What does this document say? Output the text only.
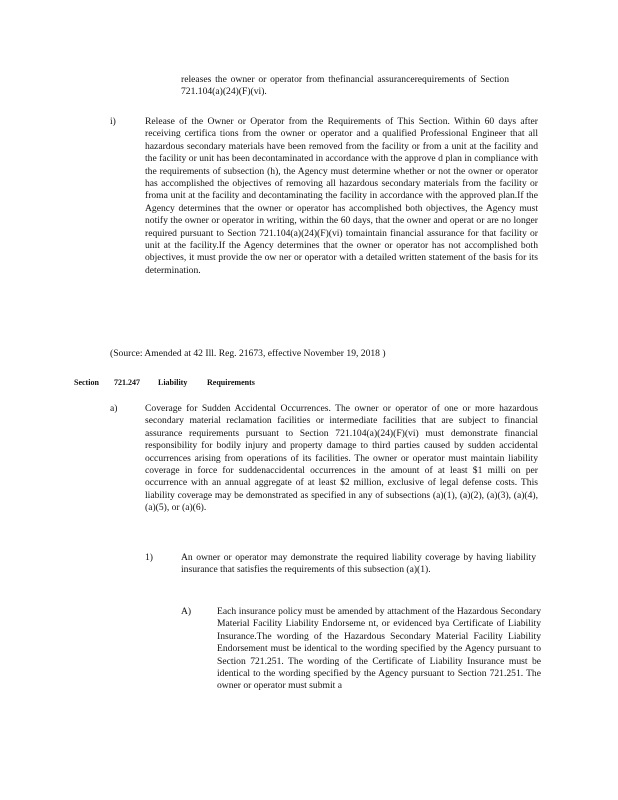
releases the owner or operator from thefinancial assurancerequirements of Section 721.104(a)(24)(F)(vi).

i)	Release of the Owner or Operator from the Requirements of This Section. Within 60 days after receiving certifica tions from the owner or operator and a qualified Professional Engineer that all hazardous secondary materials have been removed from the facility or from a unit at the facility and the facility or unit has been decontaminated in accordance with the approve d plan in compliance with the requirements of subsection (h), the Agency must determine whether or not the owner or operator has accomplished the objectives of removing all hazardous secondary materials from the facility or froma unit at the facility and decontaminating the facility in accordance with the approved plan.If the Agency determines that the owner or operator has accomplished both objectives, the Agency must notify the owner or operator in writing, within the 60 days, that the owner and operat or are no longer required pursuant to Section 721.104(a)(24)(F)(vi) tomaintain financial assurance for that facility or unit at the facility.If the Agency determines that the owner or operator has not accomplished both objectives, it must provide the ow ner or operator with a detailed written statement of the basis for its determination.

(Source: Amended at 42 Ill. Reg. 21673, effective November 19, 2018 )

Section 721.247 Liability Requirements
a)	Coverage for Sudden Accidental Occurrences. The owner or operator of one or more hazardous secondary material reclamation facilities or intermediate facilities that are subject to financial assurance requirements pursuant to Section 721.104(a)(24)(F)(vi) must demonstrate financial responsibility for bodily injury and property damage to third parties caused by sudden accidental occurrences arising from operations of its facilities. The owner or operator must maintain liability coverage in force for suddenaccidental occurrences in the amount of at least $1 milli on per occurrence with an annual aggregate of at least $2 million, exclusive of legal defense costs. This liability coverage may be demonstrated as specified in any of subsections (a)(1), (a)(2), (a)(3), (a)(4), (a)(5), or (a)(6).

1)	An owner or operator may demonstrate the required liability coverage by having liability insurance that satisfies the requirements of this subsection (a)(1).

A)	Each insurance policy must be amended by attachment of the Hazardous Secondary Material Facility Liability Endorseme nt, or evidenced bya Certificate of Liability Insurance.The wording of the Hazardous Secondary Material Facility Liability Endorsement must be identical to the wording specified by the Agency pursuant to Section 721.251. The wording of the Certificate of Liability Insurance must be identical to the wording specified by the Agency pursuant to Section 721.251. The owner or operator must submit a
